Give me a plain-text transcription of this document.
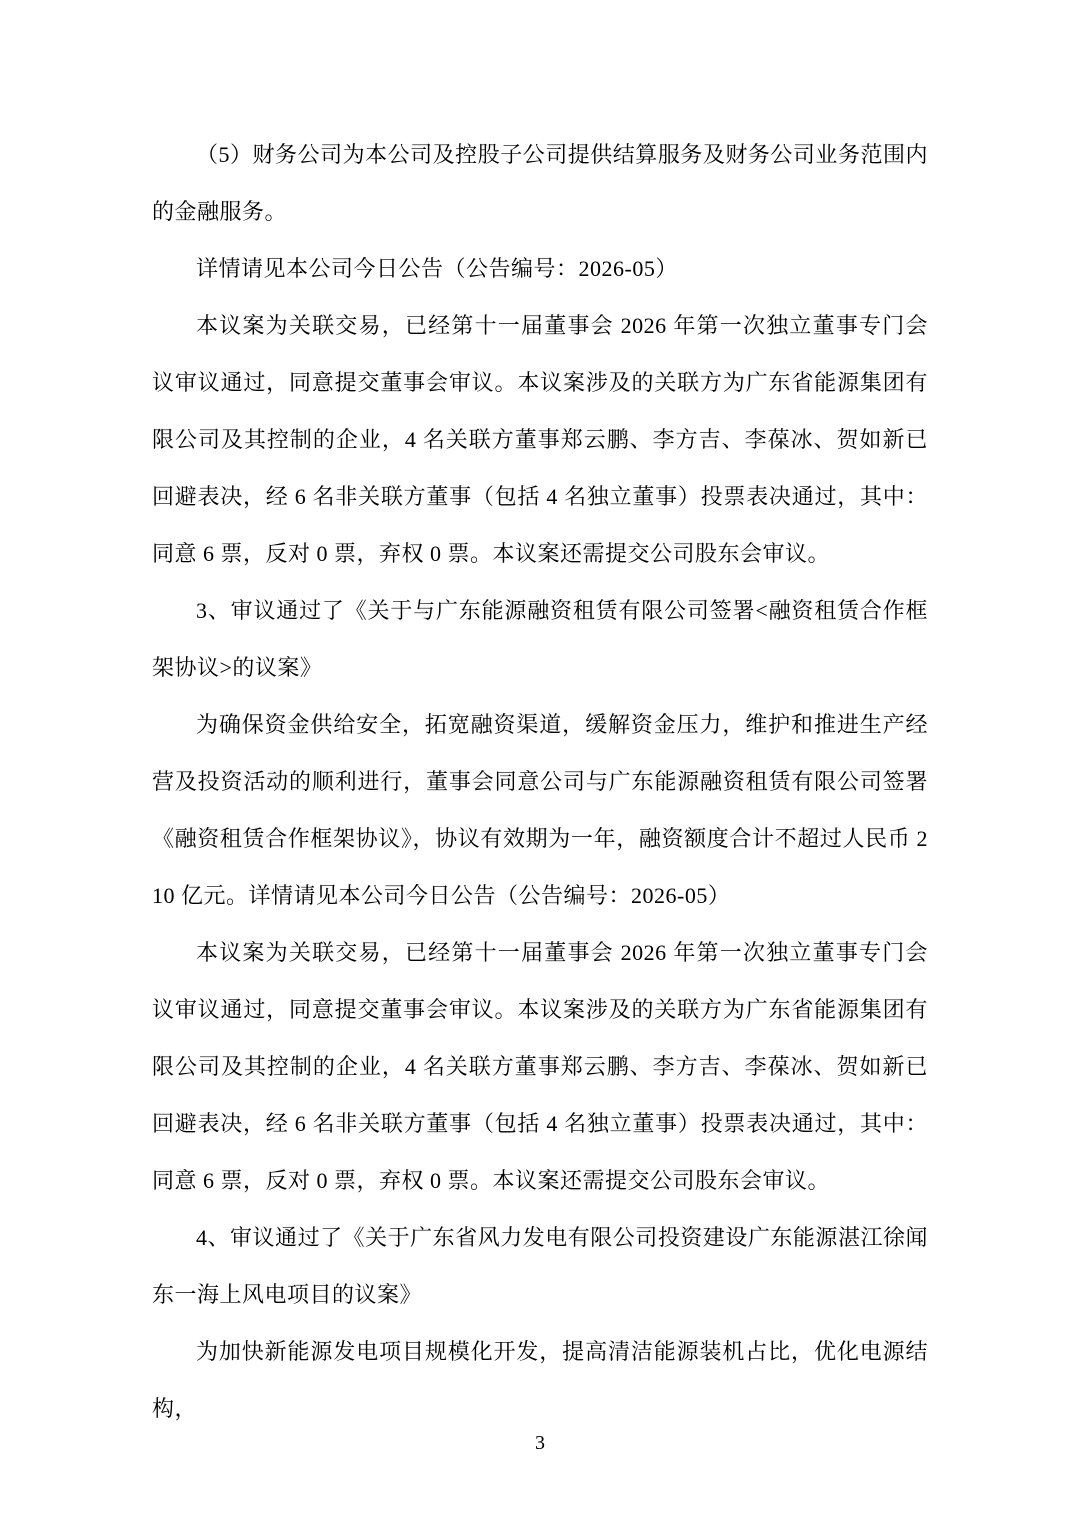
（5）财务公司为本公司及控股子公司提供结算服务及财务公司业务范围内的金融服务。

详情请见本公司今日公告（公告编号：2026-05）

本议案为关联交易，已经第十一届董事会 2026 年第一次独立董事专门会议审议通过，同意提交董事会审议。本议案涉及的关联方为广东省能源集团有限公司及其控制的企业，4 名关联方董事郑云鹏、李方吉、李葆冰、贺如新已回避表决，经 6 名非关联方董事（包括 4 名独立董事）投票表决通过，其中：同意 6 票，反对 0 票，弃权 0 票。本议案还需提交公司股东会审议。

3、审议通过了《关于与广东能源融资租赁有限公司签署<融资租赁合作框架协议>的议案》

为确保资金供给安全，拓宽融资渠道，缓解资金压力，维护和推进生产经营及投资活动的顺利进行，董事会同意公司与广东能源融资租赁有限公司签署《融资租赁合作框架协议》，协议有效期为一年，融资额度合计不超过人民币 210 亿元。详情请见本公司今日公告（公告编号：2026-05）

本议案为关联交易，已经第十一届董事会 2026 年第一次独立董事专门会议审议通过，同意提交董事会审议。本议案涉及的关联方为广东省能源集团有限公司及其控制的企业，4 名关联方董事郑云鹏、李方吉、李葆冰、贺如新已回避表决，经 6 名非关联方董事（包括 4 名独立董事）投票表决通过，其中：同意 6 票，反对 0 票，弃权 0 票。本议案还需提交公司股东会审议。

4、审议通过了《关于广东省风力发电有限公司投资建设广东能源湛江徐闻东一海上风电项目的议案》

为加快新能源发电项目规模化开发，提高清洁能源装机占比，优化电源结构，

3
